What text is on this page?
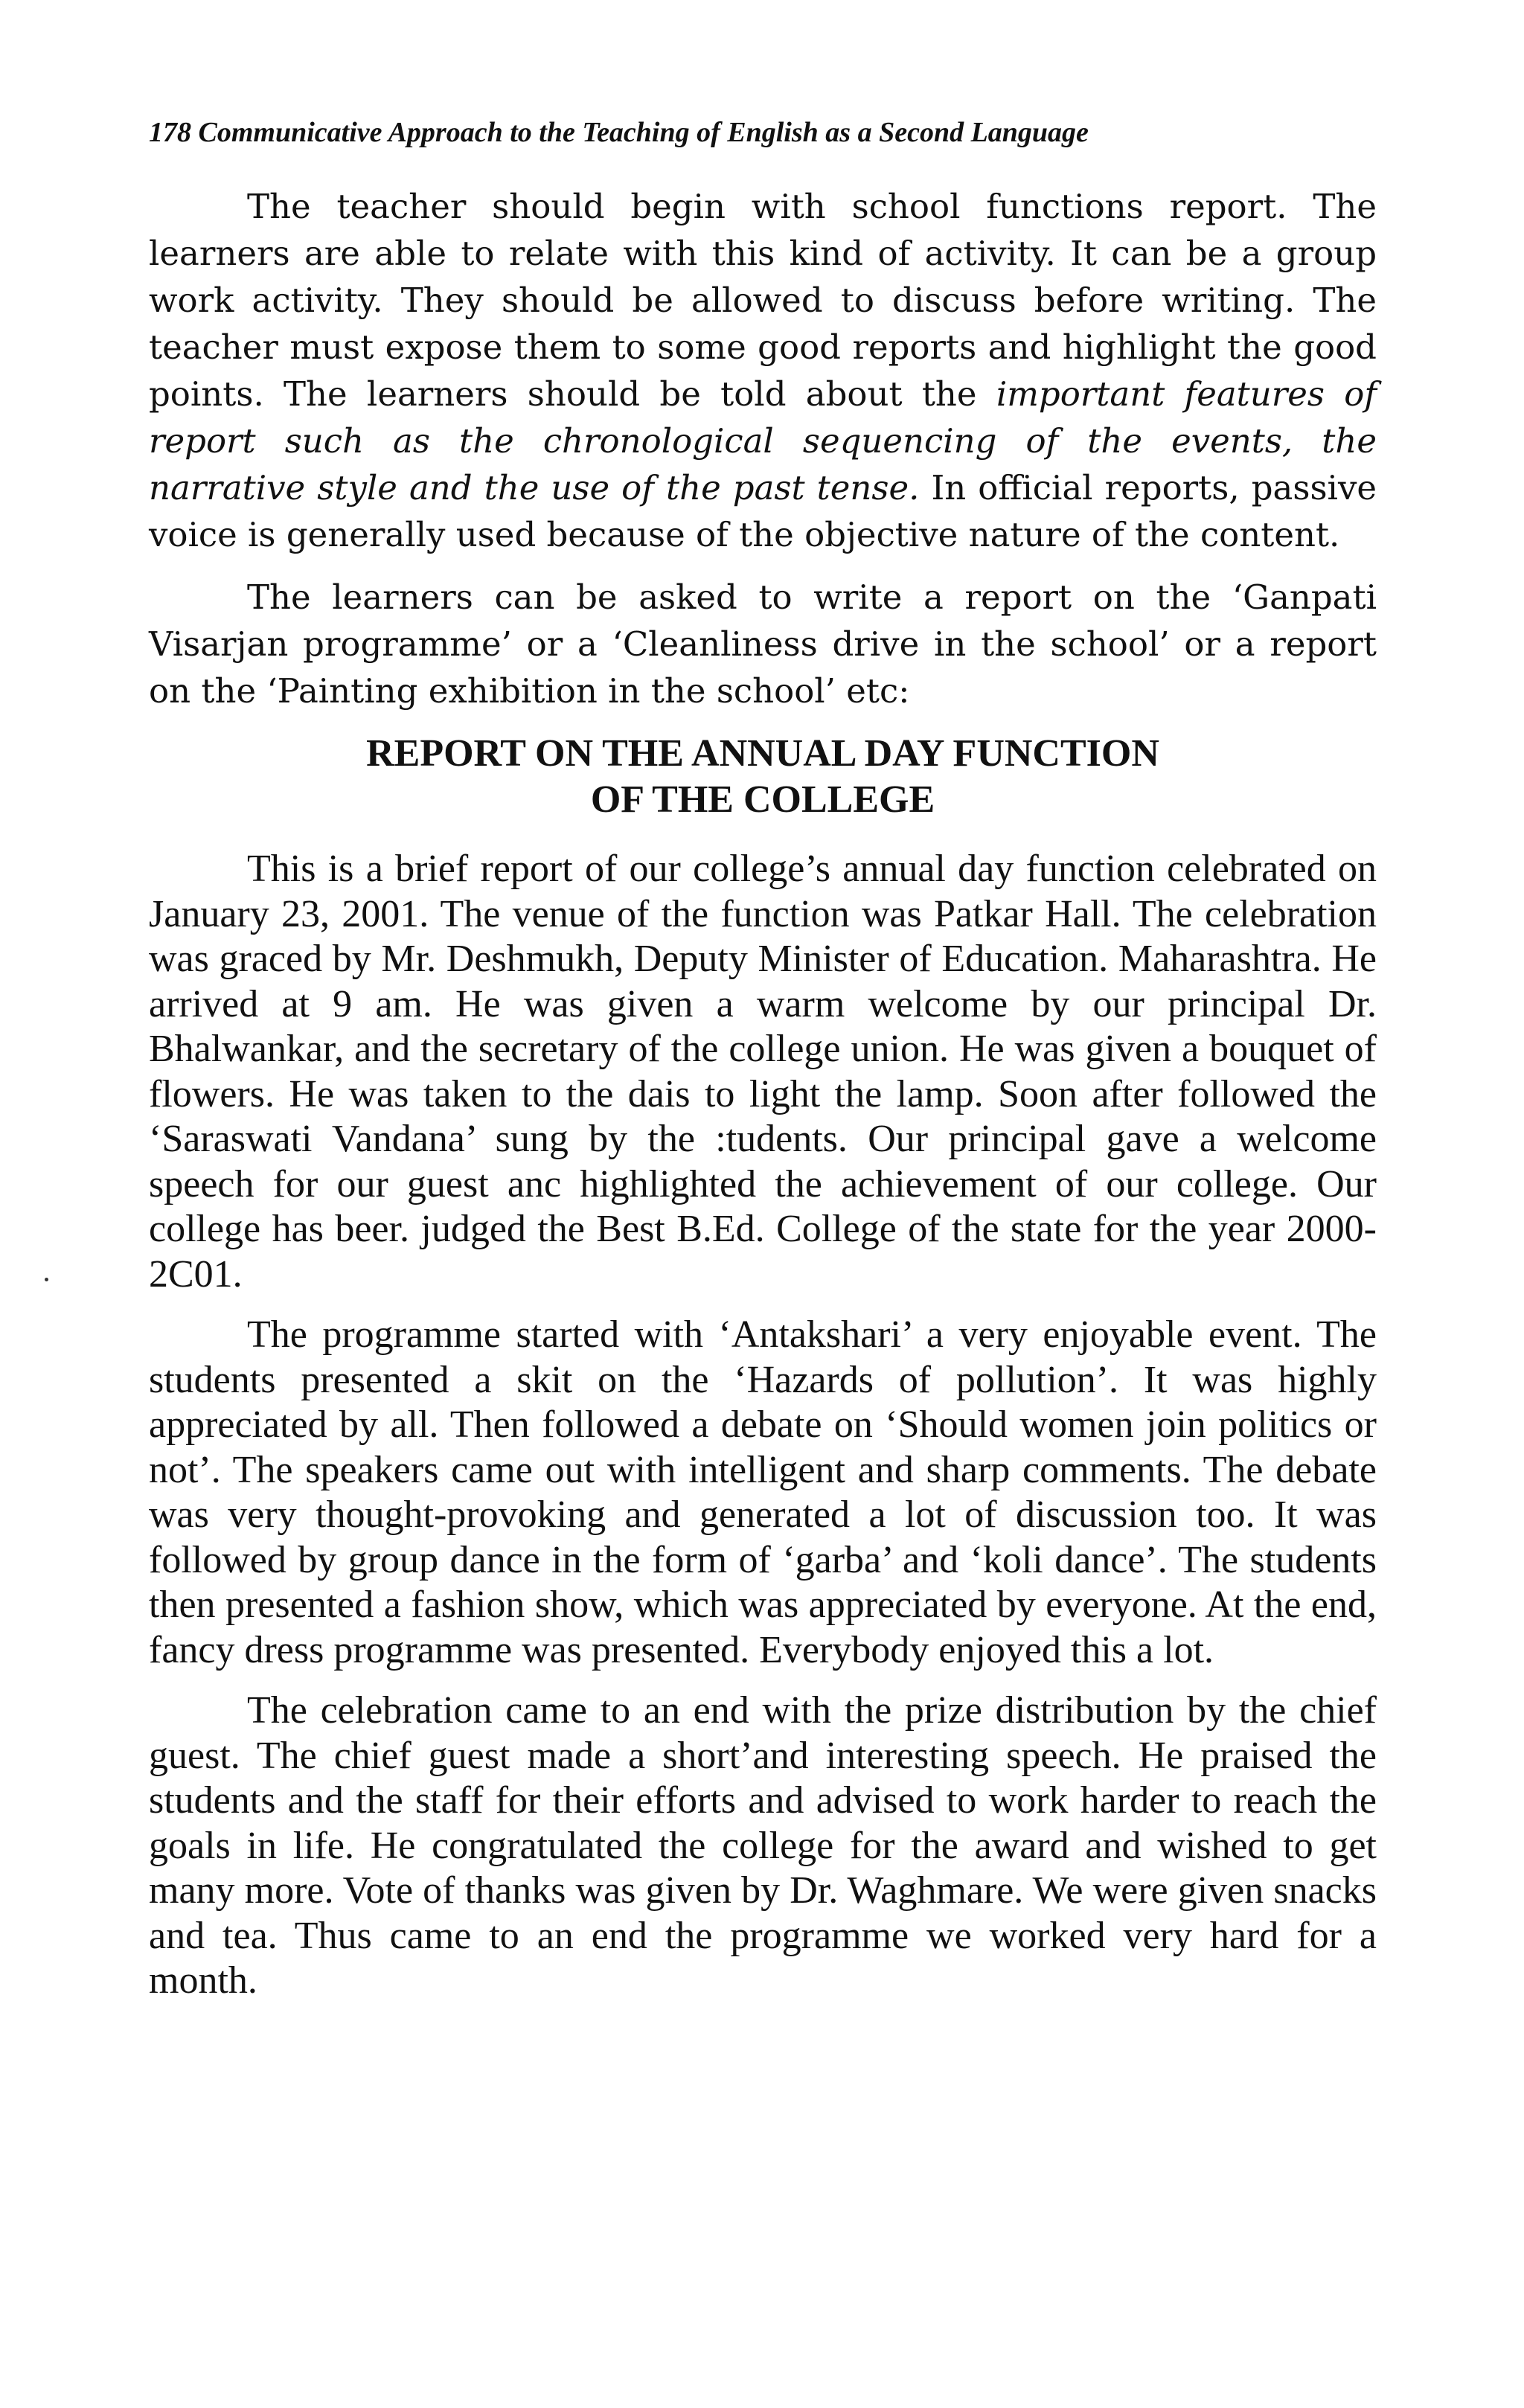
178 Communicative Approach to the Teaching of English as a Second Language

The teacher should begin with school functions report. The learners are able to relate with this kind of activity. It can be a group work activity. They should be allowed to discuss before writing. The teacher must expose them to some good reports and highlight the good points. The learners should be told about the important features of report such as the chronological sequencing of the events, the narrative style and the use of the past tense. In official reports, passive voice is generally used because of the objective nature of the content.

The learners can be asked to write a report on the ‘Ganpati Visarjan programme’ or a ‘Cleanliness drive in the school’ or a report on the ‘Painting exhibition in the school’ etc:

REPORT ON THE ANNUAL DAY FUNCTION
OF THE COLLEGE

This is a brief report of our college’s annual day function celebrated on January 23, 2001. The venue of the function was Patkar Hall. The celebration was graced by Mr. Deshmukh, Deputy Minister of Education. Maharashtra. He arrived at 9 am. He was given a warm welcome by our principal Dr. Bhalwankar, and the secretary of the college union. He was given a bouquet of flowers. He was taken to the dais to light the lamp. Soon after followed the ‘Saraswati Vandana’ sung by the :tudents. Our principal gave a welcome speech for our guest anc highlighted the achievement of our college. Our college has beer. judged the Best B.Ed. College of the state for the year 2000-2C01.

The programme started with ‘Antakshari’ a very enjoyable event. The students presented a skit on the ‘Hazards of pollution’. It was highly appreciated by all. Then followed a debate on ‘Should women join politics or not’. The speakers came out with intelligent and sharp comments. The debate was very thought-provoking and generated a lot of discussion too. It was followed by group dance in the form of ‘garba’ and ‘koli dance’. The students then presented a fashion show, which was appreciated by everyone. At the end, fancy dress programme was presented. Everybody enjoyed this a lot.

The celebration came to an end with the prize distribution by the chief guest. The chief guest made a short’and interesting speech. He praised the students and the staff for their efforts and advised to work harder to reach the goals in life. He congratulated the college for the award and wished to get many more. Vote of thanks was given by Dr. Waghmare. We were given snacks and tea. Thus came to an end the programme we worked very hard for a month.
